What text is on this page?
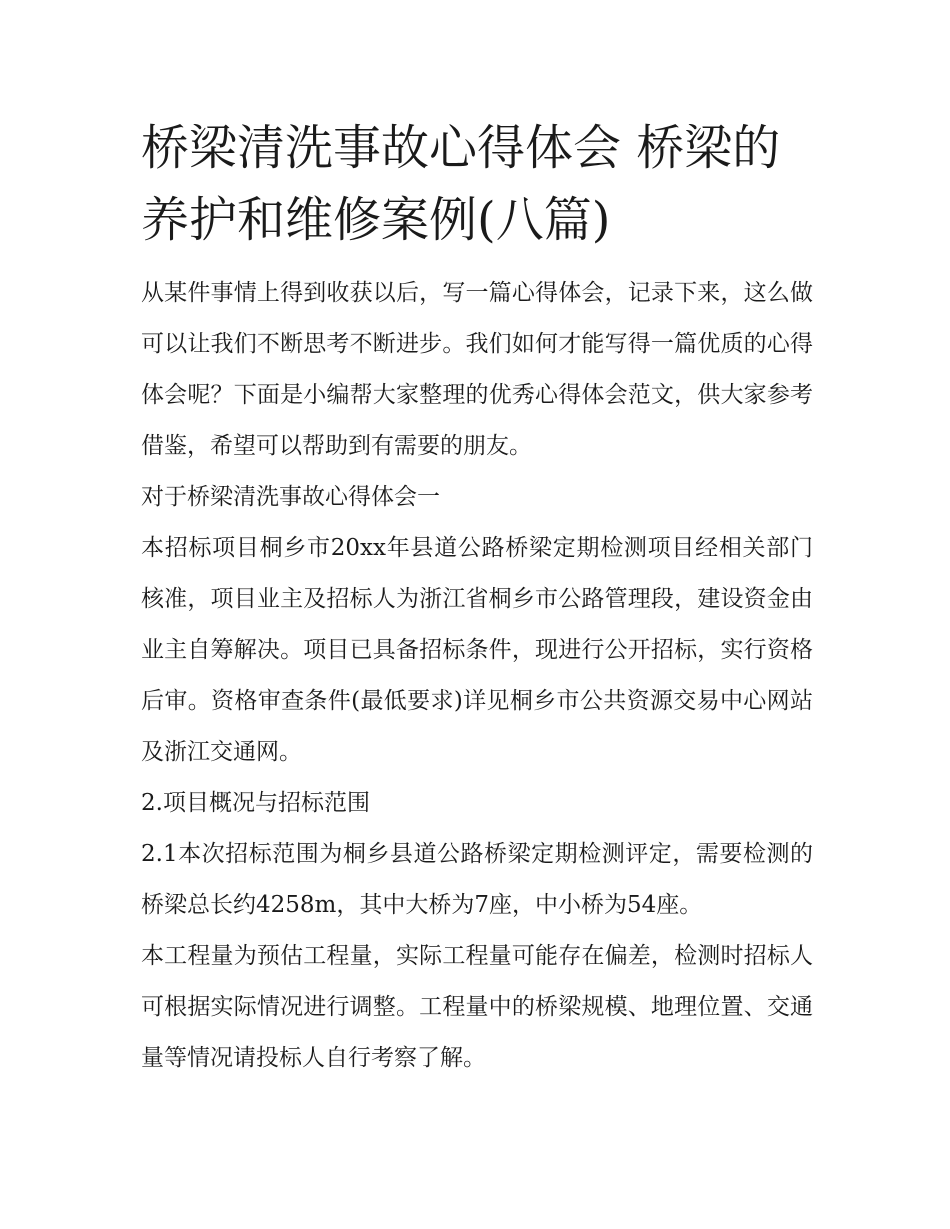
桥梁清洗事故心得体会 桥梁的养护和维修案例(八篇)

从某件事情上得到收获以后，写一篇心得体会，记录下来，这么做可以让我们不断思考不断进步。我们如何才能写得一篇优质的心得体会呢？下面是小编帮大家整理的优秀心得体会范文，供大家参考借鉴，希望可以帮助到有需要的朋友。

对于桥梁清洗事故心得体会一

本招标项目桐乡市20xx年县道公路桥梁定期检测项目经相关部门核准，项目业主及招标人为浙江省桐乡市公路管理段，建设资金由业主自筹解决。项目已具备招标条件，现进行公开招标，实行资格后审。资格审查条件(最低要求)详见桐乡市公共资源交易中心网站及浙江交通网。

2.项目概况与招标范围

2.1本次招标范围为桐乡县道公路桥梁定期检测评定，需要检测的桥梁总长约4258m，其中大桥为7座，中小桥为54座。

本工程量为预估工程量，实际工程量可能存在偏差，检测时招标人可根据实际情况进行调整。工程量中的桥梁规模、地理位置、交通量等情况请投标人自行考察了解。
